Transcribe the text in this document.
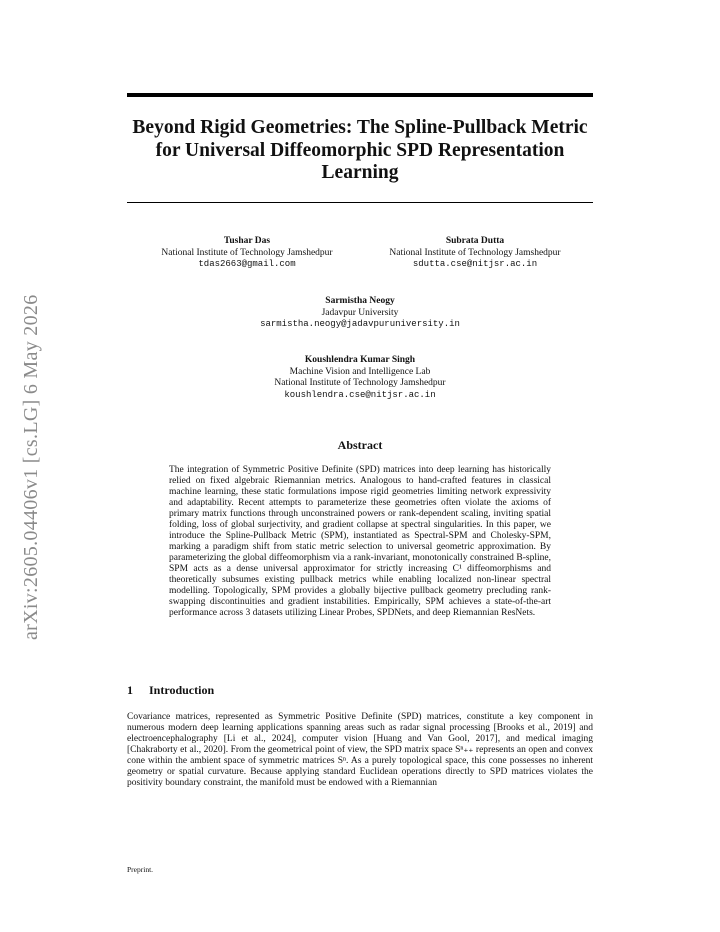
arXiv:2605.04406v1 [cs.LG] 6 May 2026
Beyond Rigid Geometries: The Spline-Pullback Metric for Universal Diffeomorphic SPD Representation Learning
Tushar Das
National Institute of Technology Jamshedpur
tdas2663@gmail.com
Subrata Dutta
National Institute of Technology Jamshedpur
sdutta.cse@nitjsr.ac.in
Sarmistha Neogy
Jadavpur University
sarmistha.neogy@jadavpuruniversity.in
Koushlendra Kumar Singh
Machine Vision and Intelligence Lab
National Institute of Technology Jamshedpur
koushlendra.cse@nitjsr.ac.in
Abstract

The integration of Symmetric Positive Definite (SPD) matrices into deep learning has historically relied on fixed algebraic Riemannian metrics. Analogous to hand-crafted features in classical machine learning, these static formulations impose rigid geometries limiting network expressivity and adaptability. Recent attempts to parameterize these geometries often violate the axioms of primary matrix functions through unconstrained powers or rank-dependent scaling, inviting spatial folding, loss of global surjectivity, and gradient collapse at spectral singularities. In this paper, we introduce the Spline-Pullback Metric (SPM), instantiated as Spectral-SPM and Cholesky-SPM, marking a paradigm shift from static metric selection to universal geometric approximation. By parameterizing the global diffeomorphism via a rank-invariant, monotonically constrained B-spline, SPM acts as a dense universal approximator for strictly increasing C¹ diffeomorphisms and theoretically subsumes existing pullback metrics while enabling localized non-linear spectral modelling. Topologically, SPM provides a globally bijective pullback geometry precluding rank-swapping discontinuities and gradient instabilities. Empirically, SPM achieves a state-of-the-art performance across 3 datasets utilizing Linear Probes, SPDNets, and deep Riemannian ResNets.

1 Introduction

Covariance matrices, represented as Symmetric Positive Definite (SPD) matrices, constitute a key component in numerous modern deep learning applications spanning areas such as radar signal processing [Brooks et al., 2019] and electroencephalography [Li et al., 2024], computer vision [Huang and Van Gool, 2017], and medical imaging [Chakraborty et al., 2020]. From the geometrical point of view, the SPD matrix space Sⁿ₊₊ represents an open and convex cone within the ambient space of symmetric matrices Sⁿ. As a purely topological space, this cone possesses no inherent geometry or spatial curvature. Because applying standard Euclidean operations directly to SPD matrices violates the positivity boundary constraint, the manifold must be endowed with a Riemannian

Preprint.
